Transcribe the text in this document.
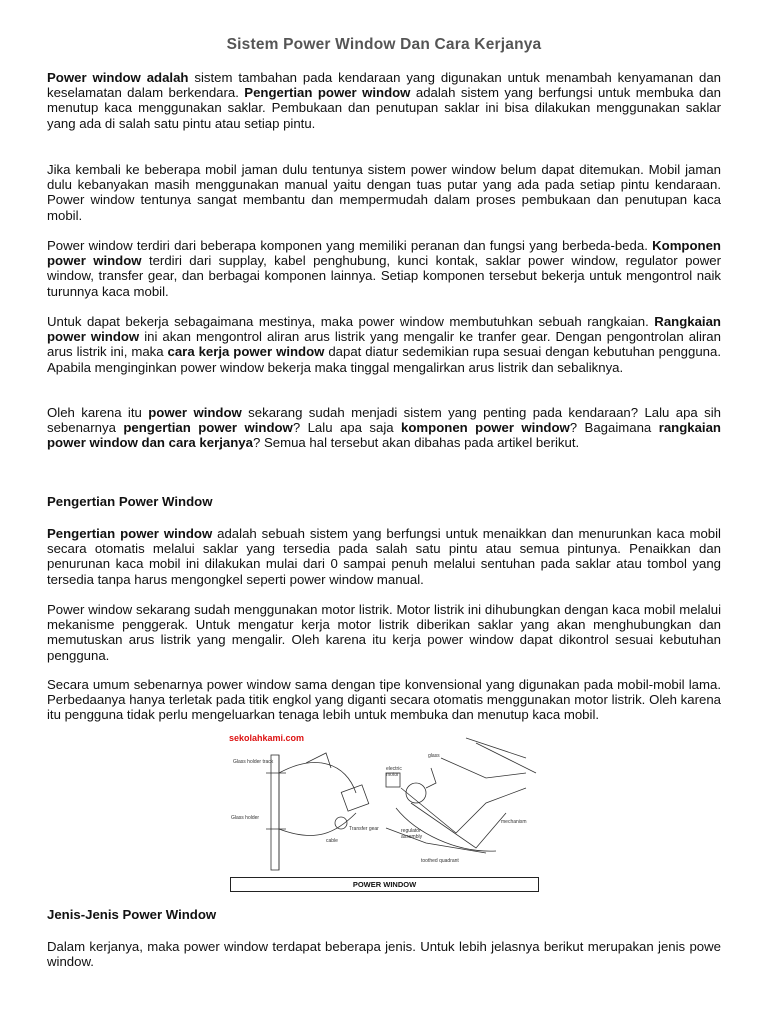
Sistem Power Window Dan Cara Kerjanya

Power window adalah sistem tambahan pada kendaraan yang digunakan untuk menambah kenyamanan dan keselamatan dalam berkendara. Pengertian power window adalah sistem yang berfungsi untuk membuka dan menutup kaca menggunakan saklar. Pembukaan dan penutupan saklar ini bisa dilakukan menggunakan saklar yang ada di salah satu pintu atau setiap pintu.

Jika kembali ke beberapa mobil jaman dulu tentunya sistem power window belum dapat ditemukan. Mobil jaman dulu kebanyakan masih menggunakan manual yaitu dengan tuas putar yang ada pada setiap pintu kendaraan. Power window tentunya sangat membantu dan mempermudah dalam proses pembukaan dan penutupan kaca mobil.

Power window terdiri dari beberapa komponen yang memiliki peranan dan fungsi yang berbeda-beda. Komponen power window terdiri dari supplay, kabel penghubung, kunci kontak, saklar power window, regulator power window, transfer gear, dan berbagai komponen lainnya. Setiap komponen tersebut bekerja untuk mengontrol naik turunnya kaca mobil.

Untuk dapat bekerja sebagaimana mestinya, maka power window membutuhkan sebuah rangkaian. Rangkaian power window ini akan mengontrol aliran arus listrik yang mengalir ke tranfer gear. Dengan pengontrolan aliran arus listrik ini, maka cara kerja power window dapat diatur sedemikian rupa sesuai dengan kebutuhan pengguna. Apabila menginginkan power window bekerja maka tinggal mengalirkan arus listrik dan sebaliknya.

Oleh karena itu power window sekarang sudah menjadi sistem yang penting pada kendaraan? Lalu apa sih sebenarnya pengertian power window? Lalu apa saja komponen power window? Bagaimana rangkaian power window dan cara kerjanya? Semua hal tersebut akan dibahas pada artikel berikut.

Pengertian Power Window

Pengertian power window adalah sebuah sistem yang berfungsi untuk menaikkan dan menurunkan kaca mobil secara otomatis melalui saklar yang tersedia pada salah satu pintu atau semua pintunya. Penaikkan dan penurunan kaca mobil ini dilakukan mulai dari 0 sampai penuh melalui sentuhan pada saklar atau tombol yang tersedia tanpa harus mengongkel seperti power window manual.

Power window sekarang sudah menggunakan motor listrik. Motor listrik ini dihubungkan dengan kaca mobil melalui mekanisme penggerak. Untuk mengatur kerja motor listrik diberikan saklar yang akan menghubungkan dan memutuskan arus listrik yang mengalir. Oleh karena itu kerja power window dapat dikontrol sesuai kebutuhan pengguna.

Secara umum sebenarnya power window sama dengan tipe konvensional yang digunakan pada mobil-mobil lama. Perbedaanya hanya terletak pada titik engkol yang diganti secara otomatis menggunakan motor listrik. Oleh karena itu pengguna tidak perlu mengeluarkan tenaga lebih untuk membuka dan menutup kaca mobil.

sekolahkami.com
Glass holder track
Glass holder
Transfer gear
cable
glass
electric motor
mechanism
regulator assembly
toothed quadrant
POWER WINDOW
Jenis-Jenis Power Window

Dalam kerjanya, maka power window terdapat beberapa jenis. Untuk lebih jelasnya berikut merupakan jenis powe window.
